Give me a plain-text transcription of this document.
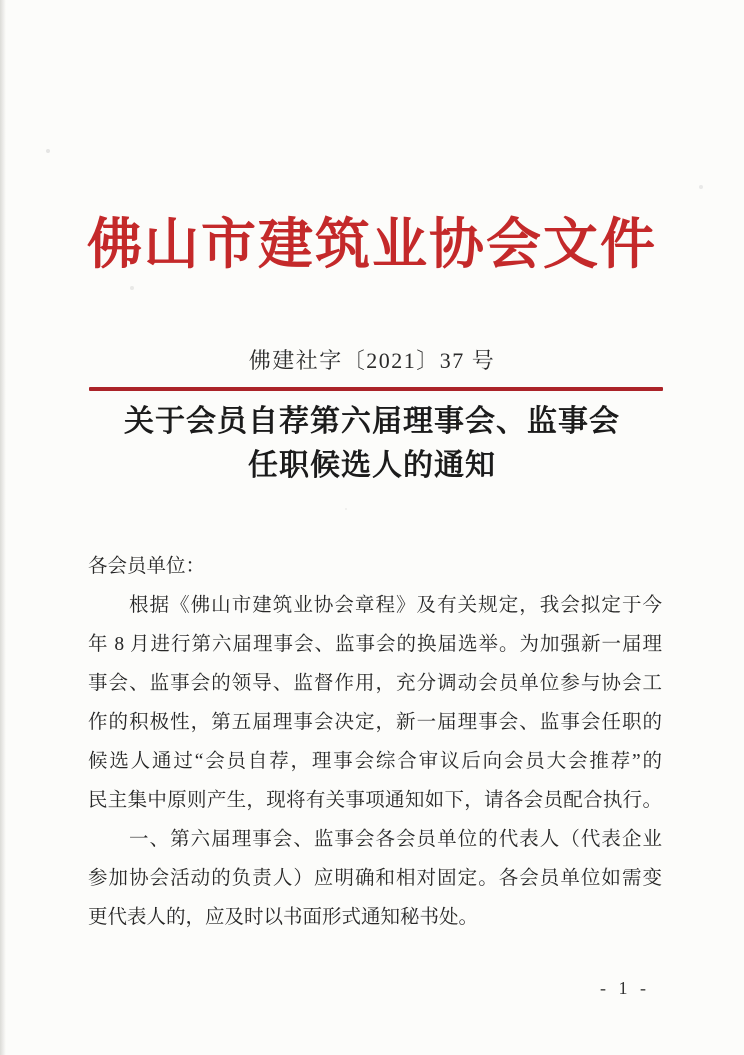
佛山市建筑业协会文件
佛建社字〔2021〕37 号
关于会员自荐第六届理事会、监事会
任职候选人的通知
各会员单位：
根据《佛山市建筑业协会章程》及有关规定，我会拟定于今
年 8 月进行第六届理事会、监事会的换届选举。为加强新一届理
事会、监事会的领导、监督作用，充分调动会员单位参与协会工
作的积极性，第五届理事会决定，新一届理事会、监事会任职的
候选人通过“会员自荐，理事会综合审议后向会员大会推荐”的
民主集中原则产生，现将有关事项通知如下，请各会员配合执行。
一、第六届理事会、监事会各会员单位的代表人（代表企业
参加协会活动的负责人）应明确和相对固定。各会员单位如需变
更代表人的，应及时以书面形式通知秘书处。
- 1 -
